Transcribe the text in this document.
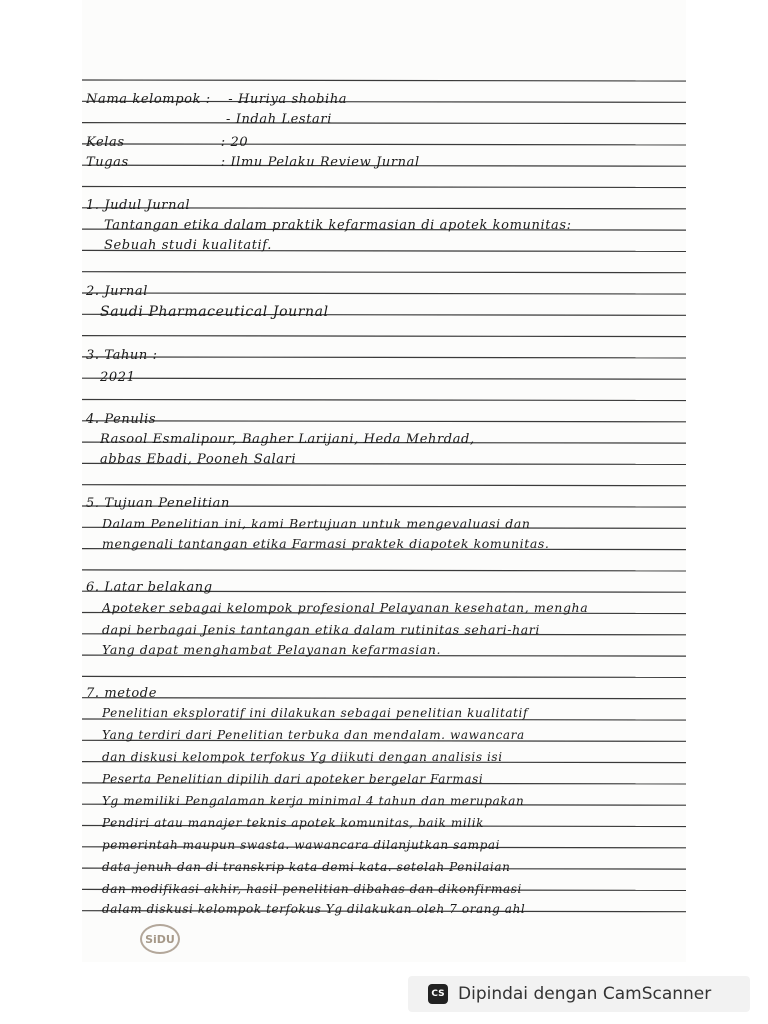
Nama kelompok : - Huriya shobiha
- Indah Lestari
Kelas	: 20
Tugas	: Ilmu Pelaku Review Jurnal
1. Judul Jurnal
Tantangan etika dalam praktik kefarmasian di apotek komunitas:
Sebuah studi kualitatif.
2. Jurnal
Saudi Pharmaceutical Journal
3. Tahun :
2021
4. Penulis
Rasool Esmalipour, Bagher Larijani, Heda Mehrdad,
abbas Ebadi, Pooneh Salari
5. Tujuan Penelitian
Dalam Penelitian ini, kami Bertujuan untuk mengevaluasi dan
mengenali tantangan etika Farmasi praktek diapotek komunitas.
6. Latar belakang
Apoteker sebagai kelompok profesional Pelayanan kesehatan, mengha
dapi berbagai Jenis tantangan etika dalam rutinitas sehari-hari
Yang dapat menghambat Pelayanan kefarmasian.
7. metode
Penelitian eksploratif ini dilakukan sebagai penelitian kualitatif
Yang terdiri dari Penelitian terbuka dan mendalam. wawancara
dan diskusi kelompok terfokus Yg diikuti dengan analisis isi
Peserta Penelitian dipilih dari apoteker bergelar Farmasi
Yg memiliki Pengalaman kerja minimal 4 tahun dan merupakan
Pendiri atau manajer teknis apotek komunitas, baik milik
pemerintah maupun swasta. wawancara dilanjutkan sampai
data jenuh dan di transkrip kata demi kata. setelah Penilaian
dan modifikasi akhir, hasil penelitian dibahas dan dikonfirmasi
dalam diskusi kelompok terfokus Yg dilakukan oleh 7 orang ahl
SiDU
CS Dipindai dengan CamScanner
